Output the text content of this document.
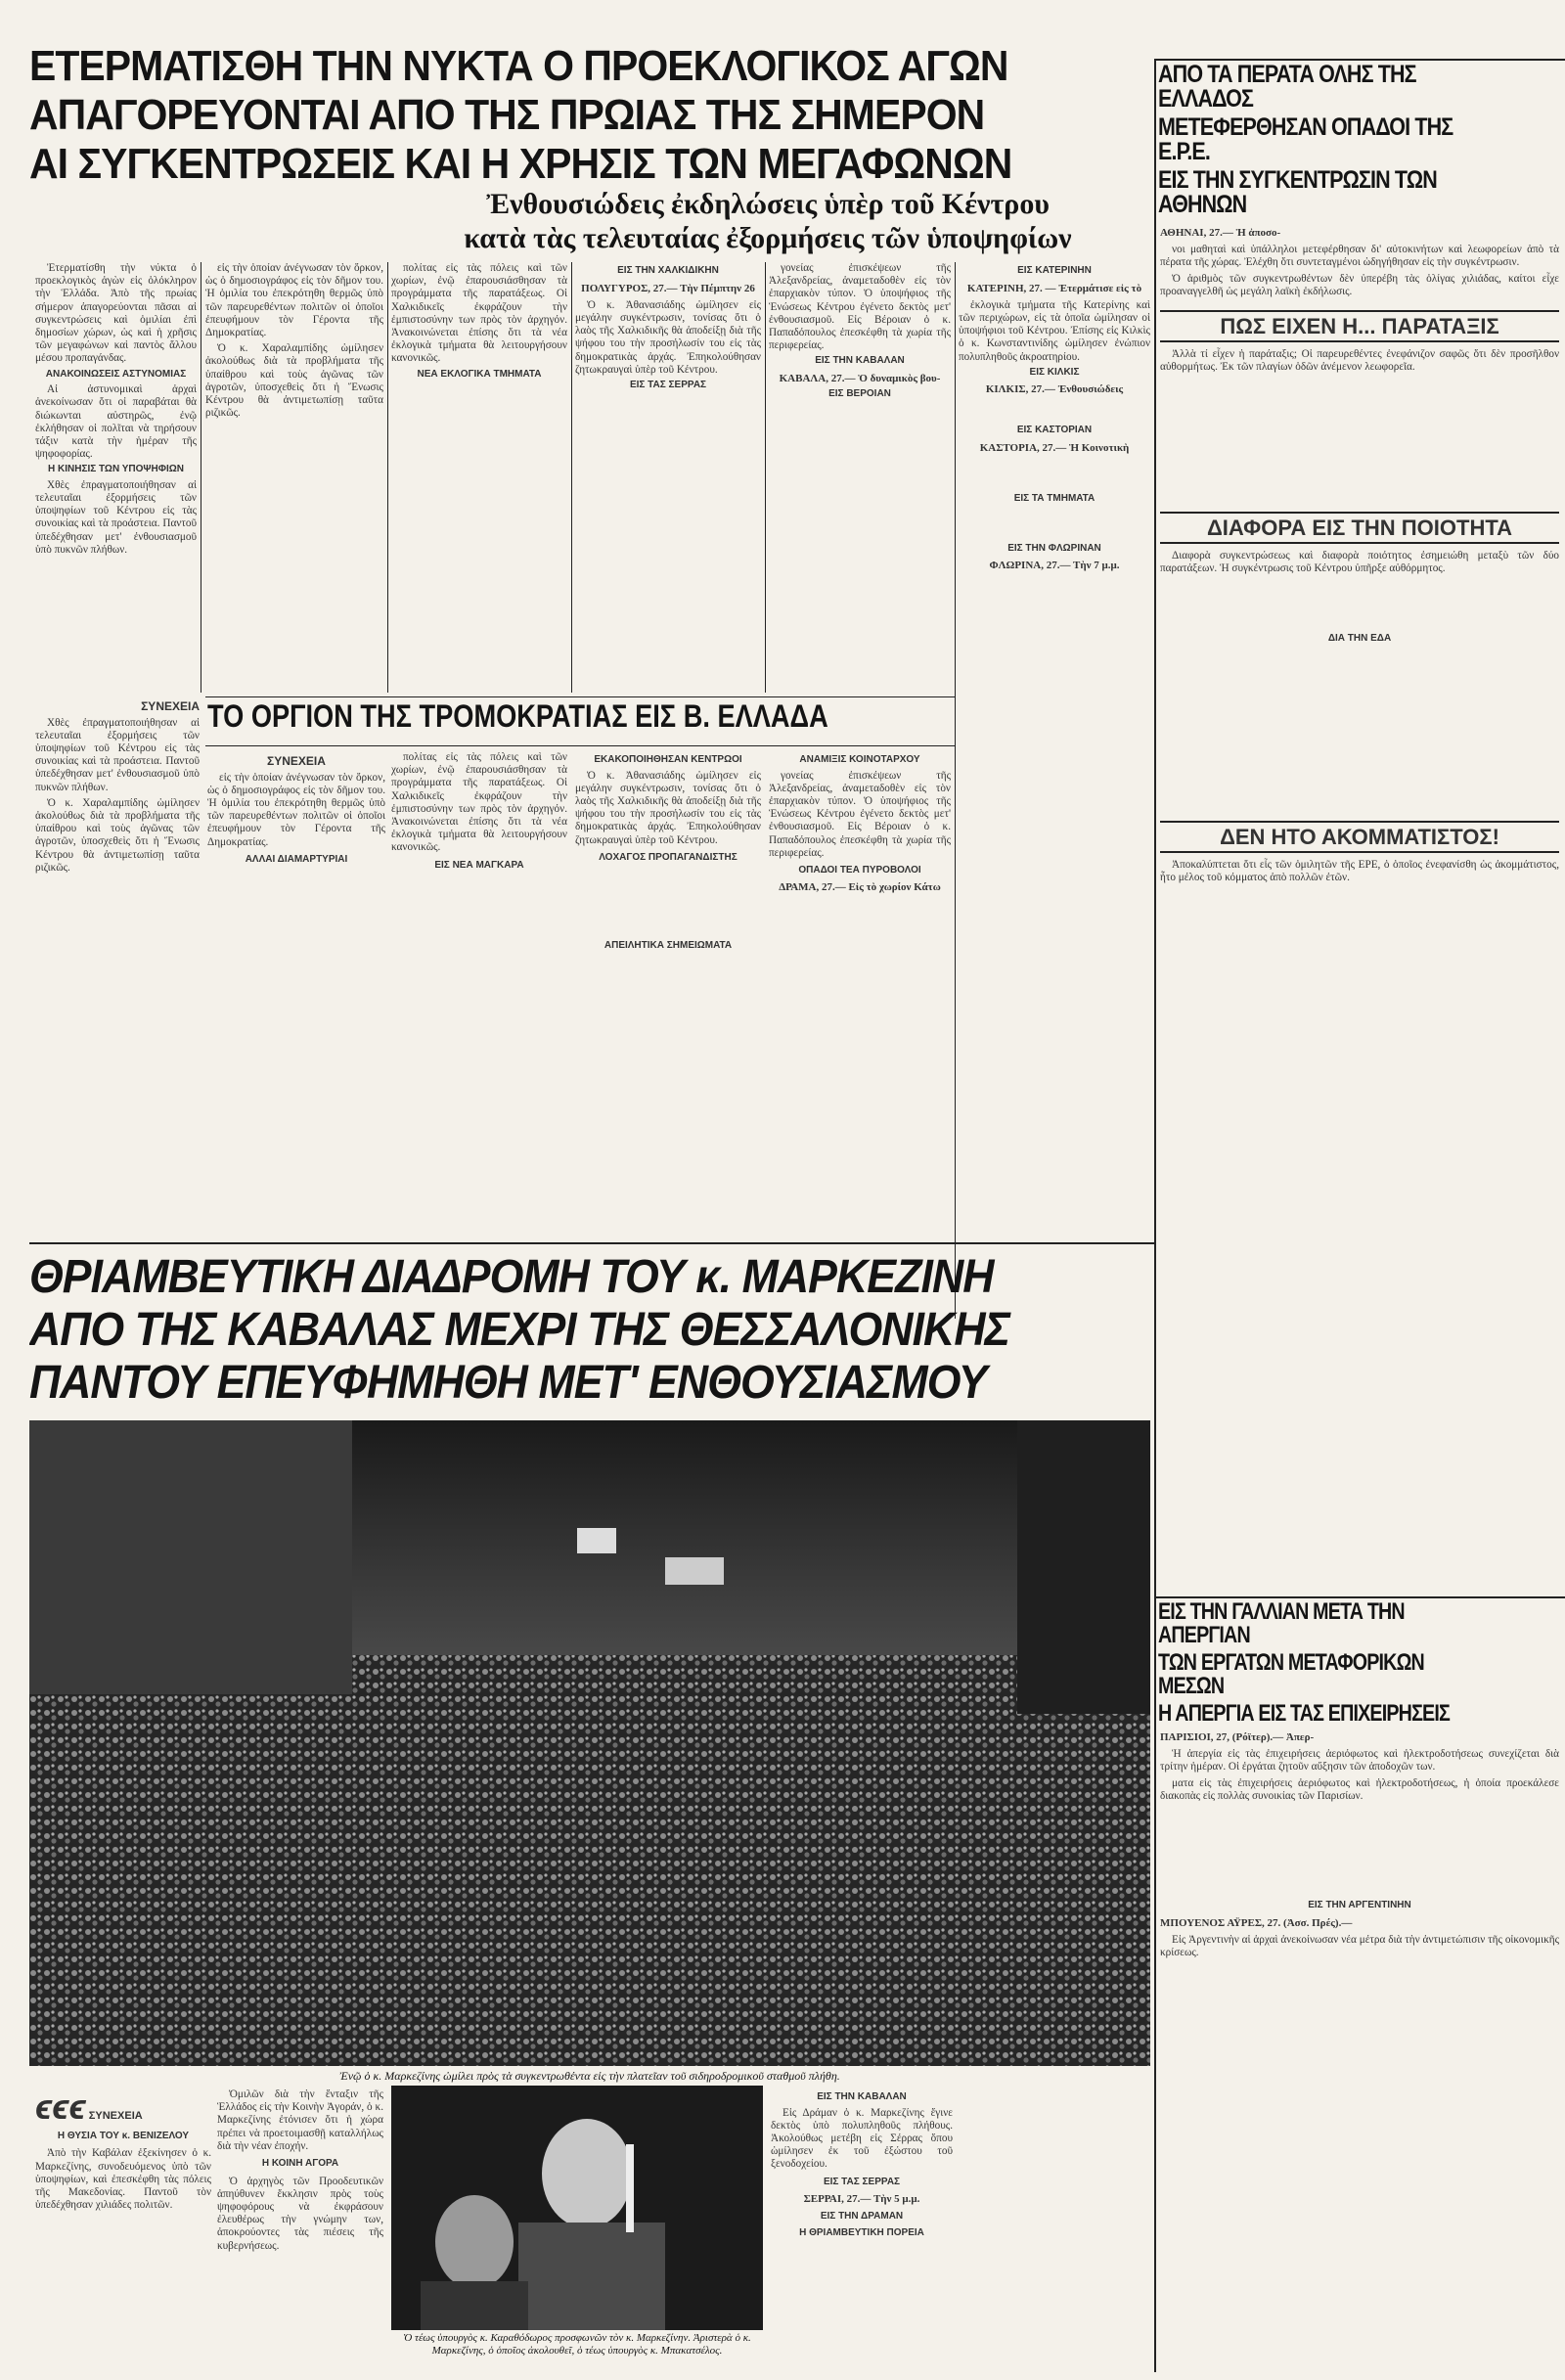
ΕΤΕΡΜΑΤΙΣΘΗ ΤΗΝ ΝΥΚΤΑ Ο ΠΡΟΕΚΛΟΓΙΚΟΣ ΑΓΩΝ
ΑΠΑΓΟΡΕΥΟΝΤΑΙ ΑΠΟ ΤΗΣ ΠΡΩΙΑΣ ΤΗΣ ΣΗΜΕΡΟΝ
ΑΙ ΣΥΓΚΕΝΤΡΩΣΕΙΣ ΚΑΙ Η ΧΡΗΣΙΣ ΤΩΝ ΜΕΓΑΦΩΝΩΝ
Ἐνθουσιώδεις ἐκδηλώσεις ὑπὲρ τοῦ Κέντρου
κατὰ τὰς τελευταίας ἐξορμήσεις τῶν ὑποψηφίων
ΑΠΟ ΤΑ ΠΕΡΑΤΑ ΟΛΗΣ ΤΗΣ ΕΛΛΑΔΟΣ
ΜΕΤΕΦΕΡΘΗΣΑΝ ΟΠΑΔΟΙ ΤΗΣ Ε.Ρ.Ε.
ΕΙΣ ΤΗΝ ΣΥΓΚΕΝΤΡΩΣΙΝ ΤΩΝ ΑΘΗΝΩΝ

Ἐτερματίσθη τὴν νύκτα ὁ προεκλογικὸς ἀγὼν εἰς ὁλόκληρον τὴν Ἑλλάδα. Ἀπὸ τῆς πρωίας σήμερον ἀπαγορεύονται πᾶσαι αἱ συγκεντρώσεις καὶ ὁμιλίαι ἐπὶ δημοσίων χώρων, ὡς καὶ ἡ χρῆσις τῶν μεγαφώνων καὶ παντὸς ἄλλου μέσου προπαγάνδας.

ΑΝΑΚΟΙΝΩΣΕΙΣ ΑΣΤΥΝΟΜΙΑΣ

Αἱ ἀστυνομικαὶ ἀρχαὶ ἀνεκοίνωσαν ὅτι οἱ παραβάται θὰ διώκωνται αὐστηρῶς, ἐνῷ ἐκλήθησαν οἱ πολῖται νὰ τηρήσουν τάξιν κατὰ τὴν ἡμέραν τῆς ψηφοφορίας.

Η ΚΙΝΗΣΙΣ ΤΩΝ ΥΠΟΨΗΦΙΩΝ

Χθὲς ἐπραγματοποιήθησαν αἱ τελευταῖαι ἐξορμήσεις τῶν ὑποψηφίων τοῦ Κέντρου εἰς τὰς συνοικίας καὶ τὰ προάστεια. Παντοῦ ὑπεδέχθησαν μετ' ἐνθουσιασμοῦ ὑπὸ πυκνῶν πλήθων.

εἰς τὴν ὁποίαν ἀνέγνωσαν τὸν ὅρκον, ὡς ὁ δημοσιογράφος εἰς τὸν δῆμον του. Ἡ ὁμιλία του ἐπεκρότηθη θερμῶς ὑπὸ τῶν παρευρεθέντων πολιτῶν οἱ ὁποῖοι ἐπευφήμουν τὸν Γέροντα τῆς Δημοκρατίας.

Ὁ κ. Χαραλαμπίδης ὡμίλησεν ἀκολούθως διὰ τὰ προβλήματα τῆς ὑπαίθρου καὶ τοὺς ἀγῶνας τῶν ἀγροτῶν, ὑποσχεθεὶς ὅτι ἡ Ἕνωσις Κέντρου θὰ ἀντιμετωπίσῃ ταῦτα ριζικῶς.

πολίτας εἰς τὰς πόλεις καὶ τῶν χωρίων, ἐνῷ ἐπαρουσιάσθησαν τὰ προγράμματα τῆς παρατάξεως. Οἱ Χαλκιδικεῖς ἐκφράζουν τὴν ἐμπιστοσύνην των πρὸς τὸν ἀρχηγόν. Ἀνακοινώνεται ἐπίσης ὅτι τὰ νέα ἐκλογικὰ τμήματα θὰ λειτουργήσουν κανονικῶς.

ΝΕΑ ΕΚΛΟΓΙΚΑ ΤΜΗΜΑΤΑ
ΕΙΣ ΤΗΝ ΧΑΛΚΙΔΙΚΗΝ
ΠΟΛΥΓΥΡΟΣ, 27.— Τὴν Πέμπτην 26

Ὁ κ. Ἀθανασιάδης ὡμίλησεν εἰς μεγάλην συγκέντρωσιν, τονίσας ὅτι ὁ λαὸς τῆς Χαλκιδικῆς θὰ ἀποδείξῃ διὰ τῆς ψήφου του τὴν προσήλωσίν του εἰς τὰς δημοκρατικὰς ἀρχάς. Ἐπηκολούθησαν ζητωκραυγαὶ ὑπὲρ τοῦ Κέντρου.

ΕΙΣ ΤΑΣ ΣΕΡΡΑΣ

γονείας ἐπισκέψεων τῆς Ἀλεξανδρείας, ἀναμεταδοθὲν εἰς τὸν ἐπαρχιακὸν τύπον. Ὁ ὑποψήφιος τῆς Ἑνώσεως Κέντρου ἐγένετο δεκτὸς μετ' ἐνθουσιασμοῦ. Εἰς Βέροιαν ὁ κ. Παπαδόπουλος ἐπεσκέφθη τὰ χωρία τῆς περιφερείας.

ΕΙΣ ΤΗΝ ΚΑΒΑΛΑΝ
ΚΑΒΑΛΑ, 27.— Ὁ δυναμικὸς βου-
ΕΙΣ ΒΕΡΟΙΑΝ
ΕΙΣ ΚΑΤΕΡΙΝΗΝ
ΚΑΤΕΡΙΝΗ, 27. — Ἐτερμάτισε εἰς τὸ

ἐκλογικὰ τμήματα τῆς Κατερίνης καὶ τῶν περιχώρων, εἰς τὰ ὁποῖα ὡμίλησαν οἱ ὑποψήφιοι τοῦ Κέντρου. Ἐπίσης εἰς Κιλκὶς ὁ κ. Κωνσταντινίδης ὡμίλησεν ἐνώπιον πολυπληθοῦς ἀκροατηρίου.

ΕΙΣ ΚΙΛΚΙΣ
ΚΙΛΚΙΣ, 27.— Ἐνθουσιώδεις
ΕΙΣ ΚΑΣΤΟΡΙΑΝ
ΚΑΣΤΟΡΙΑ, 27.— Ἡ Κοινοτικὴ
ΕΙΣ ΤΑ ΤΜΗΜΑΤΑ
ΕΙΣ ΤΗΝ ΦΛΩΡΙΝΑΝ
ΦΛΩΡΙΝΑ, 27.— Τὴν 7 μ.μ.
ΤΟ ΟΡΓΙΟΝ ΤΗΣ ΤΡΟΜΟΚΡΑΤΙΑΣ ΕΙΣ Β. ΕΛΛΑΔΑ
ΣΥΝΕΧΕΙΑ

Χθὲς ἐπραγματοποιήθησαν αἱ τελευταῖαι ἐξορμήσεις τῶν ὑποψηφίων τοῦ Κέντρου εἰς τὰς συνοικίας καὶ τὰ προάστεια. Παντοῦ ὑπεδέχθησαν μετ' ἐνθουσιασμοῦ ὑπὸ πυκνῶν πλήθων.

Ὁ κ. Χαραλαμπίδης ὡμίλησεν ἀκολούθως διὰ τὰ προβλήματα τῆς ὑπαίθρου καὶ τοὺς ἀγῶνας τῶν ἀγροτῶν, ὑποσχεθεὶς ὅτι ἡ Ἕνωσις Κέντρου θὰ ἀντιμετωπίσῃ ταῦτα ριζικῶς.

ΣΥΝΕΧΕΙΑ

εἰς τὴν ὁποίαν ἀνέγνωσαν τὸν ὅρκον, ὡς ὁ δημοσιογράφος εἰς τὸν δῆμον του. Ἡ ὁμιλία του ἐπεκρότηθη θερμῶς ὑπὸ τῶν παρευρεθέντων πολιτῶν οἱ ὁποῖοι ἐπευφήμουν τὸν Γέροντα τῆς Δημοκρατίας.

ΑΛΛΑΙ ΔΙΑΜΑΡΤΥΡΙΑΙ

πολίτας εἰς τὰς πόλεις καὶ τῶν χωρίων, ἐνῷ ἐπαρουσιάσθησαν τὰ προγράμματα τῆς παρατάξεως. Οἱ Χαλκιδικεῖς ἐκφράζουν τὴν ἐμπιστοσύνην των πρὸς τὸν ἀρχηγόν. Ἀνακοινώνεται ἐπίσης ὅτι τὰ νέα ἐκλογικὰ τμήματα θὰ λειτουργήσουν κανονικῶς.

ΕΙΣ ΝΕΑ ΜΑΓΚΑΡΑ
ΕΚΑΚΟΠΟΙΗΘΗΣΑΝ ΚΕΝΤΡΩΟΙ

Ὁ κ. Ἀθανασιάδης ὡμίλησεν εἰς μεγάλην συγκέντρωσιν, τονίσας ὅτι ὁ λαὸς τῆς Χαλκιδικῆς θὰ ἀποδείξῃ διὰ τῆς ψήφου του τὴν προσήλωσίν του εἰς τὰς δημοκρατικὰς ἀρχάς. Ἐπηκολούθησαν ζητωκραυγαὶ ὑπὲρ τοῦ Κέντρου.

ΛΟΧΑΓΟΣ ΠΡΟΠΑΓΑΝΔΙΣΤΗΣ
ΑΠΕΙΛΗΤΙΚΑ ΣΗΜΕΙΩΜΑΤΑ
ΑΝΑΜΙΞΙΣ ΚΟΙΝΟΤΑΡΧΟΥ

γονείας ἐπισκέψεων τῆς Ἀλεξανδρείας, ἀναμεταδοθὲν εἰς τὸν ἐπαρχιακὸν τύπον. Ὁ ὑποψήφιος τῆς Ἑνώσεως Κέντρου ἐγένετο δεκτὸς μετ' ἐνθουσιασμοῦ. Εἰς Βέροιαν ὁ κ. Παπαδόπουλος ἐπεσκέφθη τὰ χωρία τῆς περιφερείας.

ΟΠΑΔΟΙ ΤΕΑ ΠΥΡΟΒΟΛΟΙ
ΔΡΑΜΑ, 27.— Εἰς τὸ χωρίον Κάτω
ΑΘΗΝΑΙ, 27.— Ἡ ἀποσο-

νοι μαθηταὶ καὶ ὑπάλληλοι μετεφέρθησαν δι' αὐτοκινήτων καὶ λεωφορείων ἀπὸ τὰ πέρατα τῆς χώρας. Ἐλέχθη ὅτι συντεταγμένοι ὡδηγήθησαν εἰς τὴν συγκέντρωσιν.

Ὁ ἀριθμὸς τῶν συγκεντρωθέντων δὲν ὑπερέβη τὰς ὀλίγας χιλιάδας, καίτοι εἶχε προαναγγελθῆ ὡς μεγάλη λαϊκὴ ἐκδήλωσις.

ΠΩΣ ΕΙΧΕΝ Η... ΠΑΡΑΤΑΞΙΣ

Ἀλλὰ τί εἶχεν ἡ παράταξις; Οἱ παρευρεθέντες ἐνεφάνιζον σαφῶς ὅτι δὲν προσῆλθον αὐθορμήτως. Ἐκ τῶν πλαγίων ὁδῶν ἀνέμενον λεωφορεῖα.

ΔΙΑΦΟΡΑ ΕΙΣ ΤΗΝ ΠΟΙΟΤΗΤΑ

Διαφορὰ συγκεντρώσεως καὶ διαφορὰ ποιότητος ἐσημειώθη μεταξὺ τῶν δύο παρατάξεων. Ἡ συγκέντρωσις τοῦ Κέντρου ὑπῆρξε αὐθόρμητος.

ΔΙΑ ΤΗΝ ΕΔΑ
ΔΕΝ ΗΤΟ ΑΚΟΜΜΑΤΙΣΤΟΣ!

Ἀποκαλύπτεται ὅτι εἷς τῶν ὁμιλητῶν τῆς ΕΡΕ, ὁ ὁποῖος ἐνεφανίσθη ὡς ἀκομμάτιστος, ἦτο μέλος τοῦ κόμματος ἀπὸ πολλῶν ἐτῶν.

ΘΡΙΑΜΒΕΥΤΙΚΗ ΔΙΑΔΡΟΜΗ ΤΟΥ κ. ΜΑΡΚΕΖΙΝΗ
ΑΠΟ ΤΗΣ ΚΑΒΑΛΑΣ ΜΕΧΡΙ ΤΗΣ ΘΕΣΣΑΛΟΝΙΚΗΣ
ΠΑΝΤΟΥ ΕΠΕΥΦΗΜΗΘΗ ΜΕΤ' ΕΝΘΟΥΣΙΑΣΜΟΥ
Ἐνῷ ὁ κ. Μαρκεζίνης ὡμίλει πρὸς τὰ συγκεντρωθέντα εἰς τὴν πλατεῖαν τοῦ σιδηροδρομικοῦ σταθμοῦ πλήθη.
ϵϵϵ ΣΥΝΕΧΕΙΑ
Η ΘΥΣΙΑ ΤΟΥ κ. ΒΕΝΙΖΕΛΟΥ

Ἀπὸ τὴν Καβάλαν ἐξεκίνησεν ὁ κ. Μαρκεζίνης, συνοδευόμενος ὑπὸ τῶν ὑποψηφίων, καὶ ἐπεσκέφθη τὰς πόλεις τῆς Μακεδονίας. Παντοῦ τὸν ὑπεδέχθησαν χιλιάδες πολιτῶν.

Ὁμιλῶν διὰ τὴν ἔνταξιν τῆς Ἑλλάδος εἰς τὴν Κοινὴν Ἀγοράν, ὁ κ. Μαρκεζίνης ἐτόνισεν ὅτι ἡ χώρα πρέπει νὰ προετοιμασθῇ καταλλήλως διὰ τὴν νέαν ἐποχήν.

Η ΚΟΙΝΗ ΑΓΟΡΑ

Ὁ ἀρχηγὸς τῶν Προοδευτικῶν ἀπηύθυνεν ἔκκλησιν πρὸς τοὺς ψηφοφόρους νὰ ἐκφράσουν ἐλευθέρως τὴν γνώμην των, ἀποκρούοντες τὰς πιέσεις τῆς κυβερνήσεως.

Ὁ τέως ὑπουργὸς κ. Καραθόδωρος προσφωνῶν τὸν κ. Μαρκεζίνην. Ἀριστερὰ ὁ κ. Μαρκεζίνης, ὁ ὁποῖος ἀκολουθεῖ, ὁ τέως ὑπουργὸς κ. Μπακατσέλος.
ΕΙΣ ΤΗΝ ΚΑΒΑΛΑΝ

Εἰς Δράμαν ὁ κ. Μαρκεζίνης ἔγινε δεκτὸς ὑπὸ πολυπληθοῦς πλήθους. Ἀκολούθως μετέβη εἰς Σέρρας ὅπου ὡμίλησεν ἐκ τοῦ ἐξώστου τοῦ ξενοδοχείου.

ΕΙΣ ΤΑΣ ΣΕΡΡΑΣ
ΣΕΡΡΑΙ, 27.— Τὴν 5 μ.μ.
ΕΙΣ ΤΗΝ ΔΡΑΜΑΝ
Η ΘΡΙΑΜΒΕΥΤΙΚΗ ΠΟΡΕΙΑ
ΕΙΣ ΤΗΝ ΓΑΛΛΙΑΝ ΜΕΤΑ ΤΗΝ ΑΠΕΡΓΙΑΝ
ΤΩΝ ΕΡΓΑΤΩΝ ΜΕΤΑΦΟΡΙΚΩΝ ΜΕΣΩΝ
Η ΑΠΕΡΓΙΑ ΕΙΣ ΤΑΣ ΕΠΙΧΕΙΡΗΣΕΙΣ
ΠΑΡΙΣΙΟΙ, 27, (Ρόϊτερ).— Ἀπερ-

Ἡ ἀπεργία εἰς τὰς ἐπιχειρήσεις ἀεριόφωτος καὶ ἠλεκτροδοτήσεως συνεχίζεται διὰ τρίτην ἡμέραν. Οἱ ἐργάται ζητοῦν αὔξησιν τῶν ἀποδοχῶν των.

ματα εἰς τὰς ἐπιχειρήσεις ἀεριόφωτος καὶ ἠλεκτροδοτήσεως, ἡ ὁποία προεκάλεσε διακοπὰς εἰς πολλὰς συνοικίας τῶν Παρισίων.

ΕΙΣ ΤΗΝ ΑΡΓΕΝΤΙΝΗΝ
ΜΠΟΥΕΝΟΣ ΑΫΡΕΣ, 27. (Ἀσσ. Πρές).—

Εἰς Ἀργεντινὴν αἱ ἀρχαὶ ἀνεκοίνωσαν νέα μέτρα διὰ τὴν ἀντιμετώπισιν τῆς οἰκονομικῆς κρίσεως.
